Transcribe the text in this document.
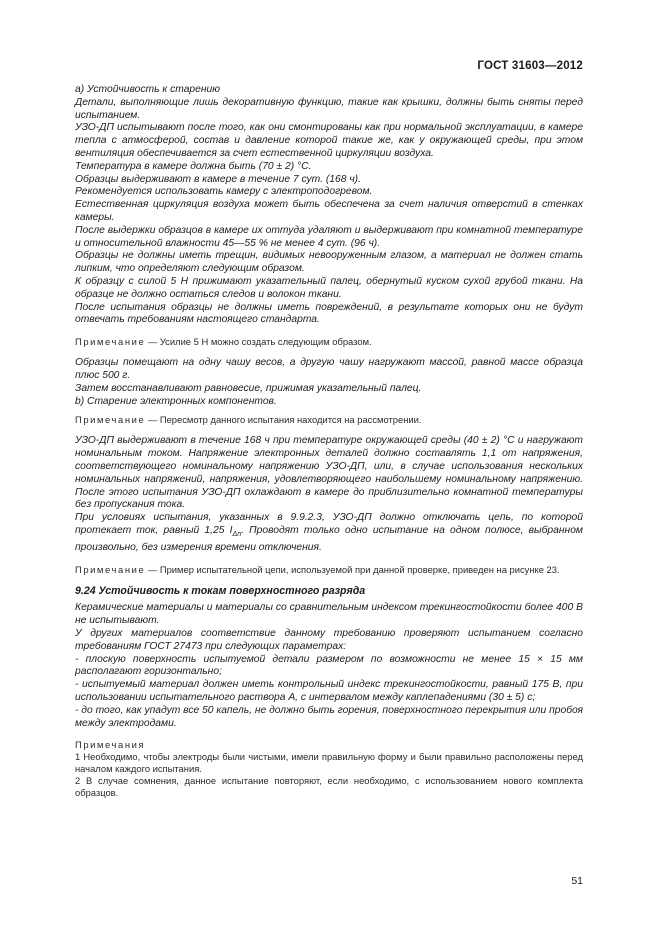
ГОСТ 31603—2012

а) Устойчивость к старению

Детали, выполняющие лишь декоративную функцию, такие как крышки, должны быть сняты перед испытанием.

УЗО-ДП испытывают после того, как они смонтированы как при нормальной эксплуатации, в камере тепла с атмосферой, состав и давление которой такие же, как у окружающей среды, при этом вентиляция обеспечивается за счет естественной циркуляции воздуха.

Температура в камере должна быть (70 ± 2) °С.

Образцы выдерживают в камере в течение 7 сут. (168 ч).

Рекомендуется использовать камеру с электроподогревом.

Естественная циркуляция воздуха может быть обеспечена за счет наличия отверстий в стенках камеры.

После выдержки образцов в камере их оттуда удаляют и выдерживают при комнатной температуре и относительной влажности 45—55 % не менее 4 сут. (96 ч).

Образцы не должны иметь трещин, видимых невооруженным глазом, а материал не должен стать липким, что определяют следующим образом.

К образцу с силой 5 Н прижимают указательный палец, обернутый куском сухой грубой ткани. На образце не должно остаться следов и волокон ткани.

После испытания образцы не должны иметь повреждений, в результате которых они не будут отвечать требованиям настоящего стандарта.

Примечание — Усилие 5 Н можно создать следующим образом.

Образцы помещают на одну чашу весов, а другую чашу нагружают массой, равной массе образца плюс 500 г.

Затем восстанавливают равновесие, прижимая указательный палец.

b) Старение электронных компонентов.

Примечание — Пересмотр данного испытания находится на рассмотрении.

УЗО-ДП выдерживают в течение 168 ч при температуре окружающей среды (40 ± 2) °С и нагружают номинальным током. Напряжение электронных деталей должно составлять 1,1 от напряжения, соответствующего номинальному напряжению УЗО-ДП, или, в случае использования нескольких номинальных напряжений, напряжения, удовлетворяющего наибольшему номинальному напряжению. После этого испытания УЗО-ДП охлаждают в камере до приблизительно комнатной температуры без пропускания тока.

При условиях испытания, указанных в 9.9.2.3, УЗО-ДП должно отключать цепь, по которой протекает ток, равный 1,25 $I_{\Delta n}$. Проводят только одно испытание на одном полюсе, выбранном произвольно, без измерения времени отключения.

Примечание — Пример испытательной цепи, используемой при данной проверке, приведен на рисунке 23.

9.24 Устойчивость к токам поверхностного разряда

Керамические материалы и материалы со сравнительным индексом трекингостойкости более 400 В не испытывают.

У других материалов соответствие данному требованию проверяют испытанием согласно требованиям ГОСТ 27473 при следующих параметрах:

- плоскую поверхность испытуемой детали размером по возможности не менее 15 × 15 мм располагают горизонтально;

- испытуемый материал должен иметь контрольный индекс трекингостойкости, равный 175 В, при использовании испытательного раствора А, с интервалом между каплепадениями (30 ± 5) с;

- до того, как упадут все 50 капель, не должно быть горения, поверхностного перекрытия или пробоя между электродами.

Примечания

1 Необходимо, чтобы электроды были чистыми, имели правильную форму и были правильно расположены перед началом каждого испытания.

2 В случае сомнения, данное испытание повторяют, если необходимо, с использованием нового комплекта образцов.

51
